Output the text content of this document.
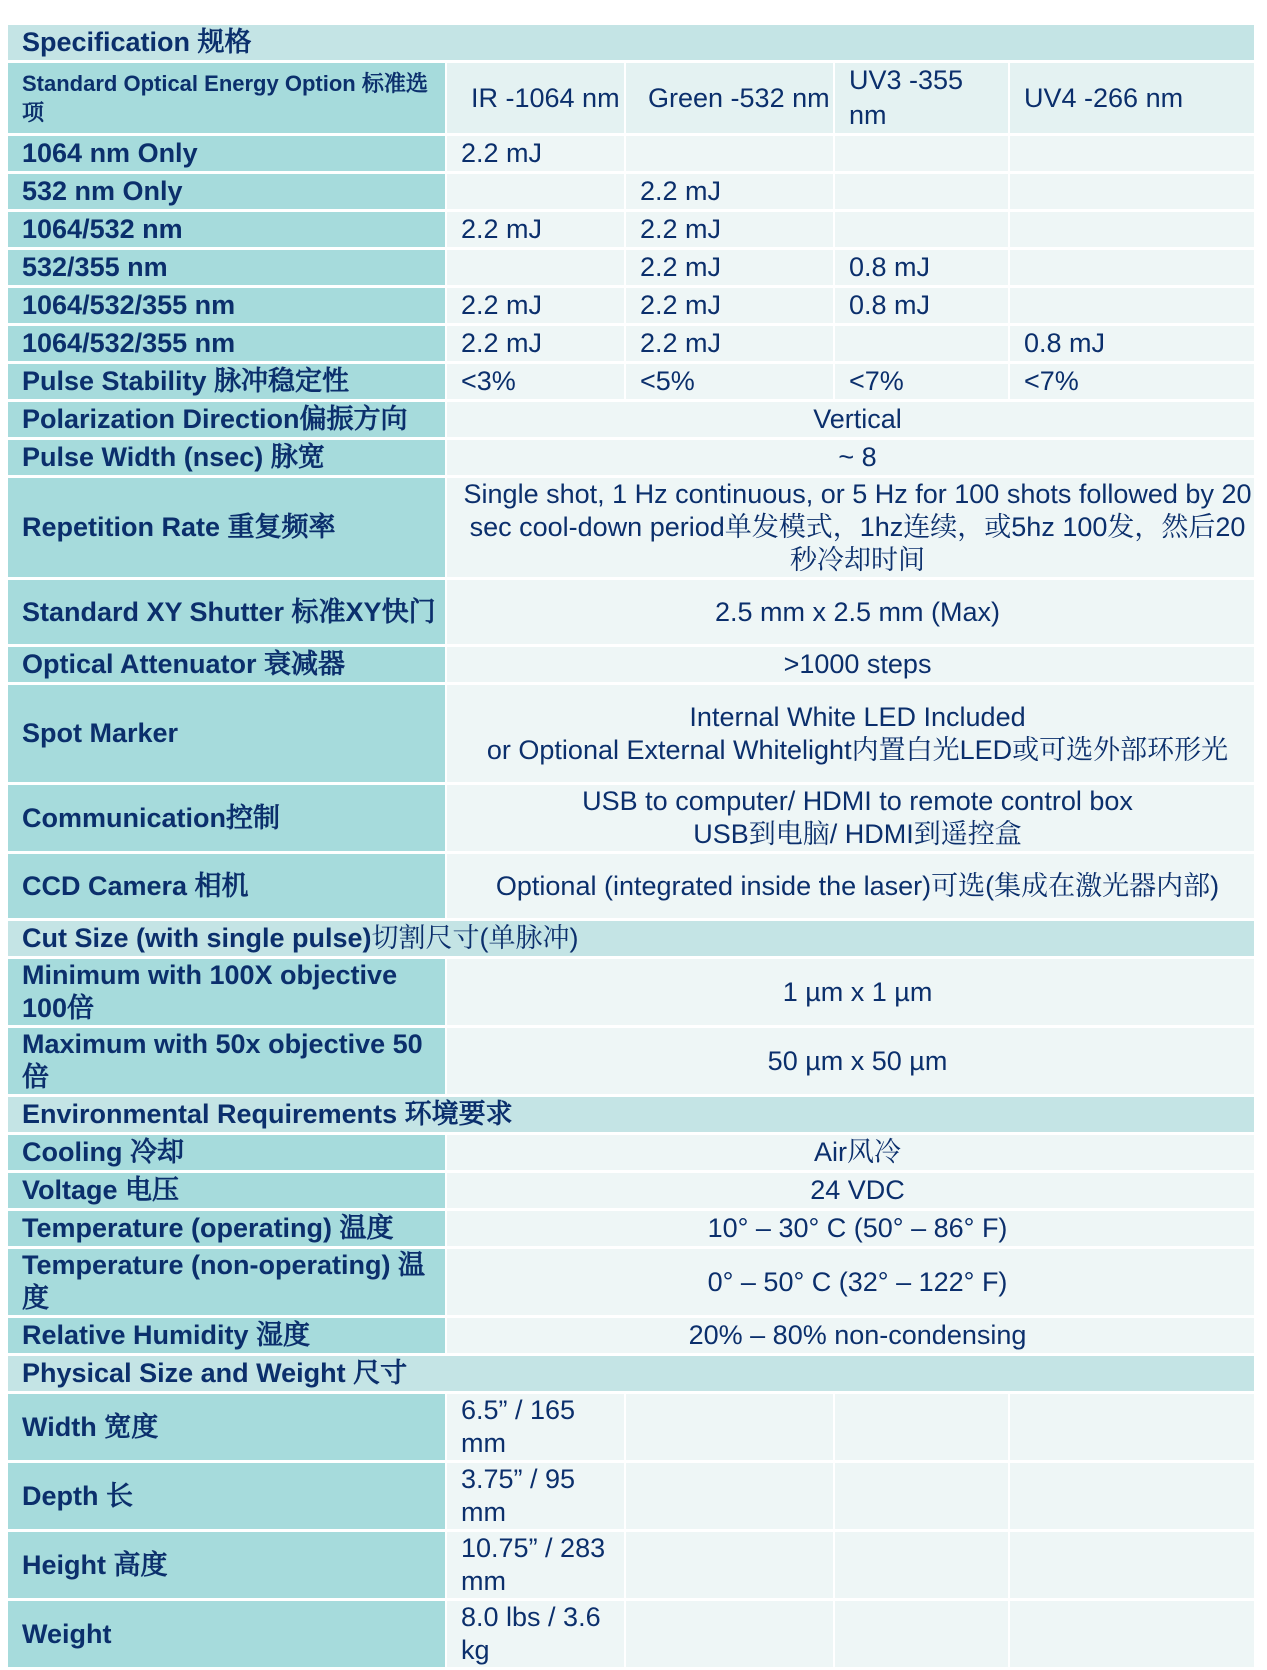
Specification 规格				
Standard Optical Energy Option 标准选项	IR -1064 nm	Green -532 nm	UV3 -355 nm	UV4 -266 nm
1064 nm Only	2.2 mJ			
532 nm Only		2.2 mJ		
1064/532 nm	2.2 mJ	2.2 mJ		
532/355 nm		2.2 mJ	0.8 mJ	
1064/532/355 nm	2.2 mJ	2.2 mJ	0.8 mJ	
1064/532/355 nm	2.2 mJ	2.2 mJ		0.8 mJ
Pulse Stability 脉冲稳定性	<3%	<5%	<7%	<7%
Polarization Direction偏振方向	Vertical			
Pulse Width (nsec) 脉宽	~ 8			
Repetition Rate 重复频率	Single shot, 1 Hz continuous, or 5 Hz for 100 shots followed by 20 sec cool-down period单发模式，1hz连续，或5hz 100发，然后20秒冷却时间			
Standard XY Shutter 标准XY快门	2.5 mm x 2.5 mm (Max)			
Optical Attenuator 衰减器	>1000 steps			
Spot Marker	Internal White LED Included
or Optional External Whitelight内置白光LED或可选外部环形光			

Communication控制	USB to computer/ HDMI to remote control box
USB到电脑/ HDMI到遥控盒			

CCD Camera 相机	Optional (integrated inside the laser)可选(集成在激光器内部)			
Cut Size (with single pulse)切割尺寸(单脉冲)				
Minimum with 100X objective 100倍	1 µm x 1 µm			
Maximum with 50x objective 50倍	50 µm x 50 µm			
Environmental Requirements 环境要求				
Cooling 冷却	Air风冷			
Voltage 电压	24 VDC			
Temperature (operating) 温度	10° – 30° C (50° – 86° F)			
Temperature (non-operating) 温度	0° – 50° C (32° – 122° F)			
Relative Humidity 湿度	20% – 80% non-condensing			
Physical Size and Weight 尺寸				
Width 宽度	6.5” / 165 mm			
Depth 长	3.75” / 95 mm			
Height 高度	10.75” / 283 mm			
Weight	8.0 lbs / 3.6 kg			
